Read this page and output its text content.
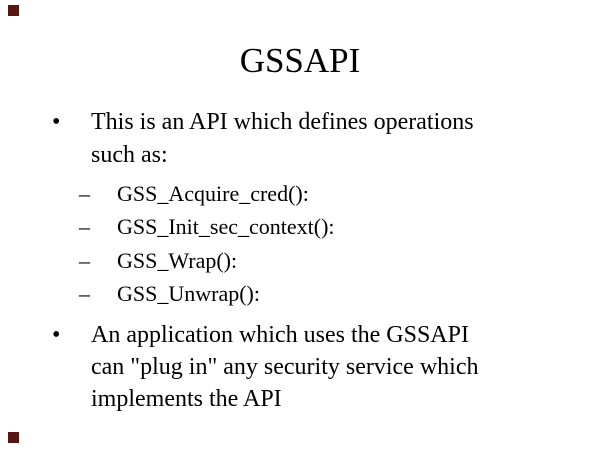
GSSAPI
•	This is an API which defines operations
such as:
–	GSS_Acquire_cred():
–	GSS_Init_sec_context():
–	GSS_Wrap():
–	GSS_Unwrap():
•	An application which uses the GSSAPI
can "plug in" any security service which
implements the API
